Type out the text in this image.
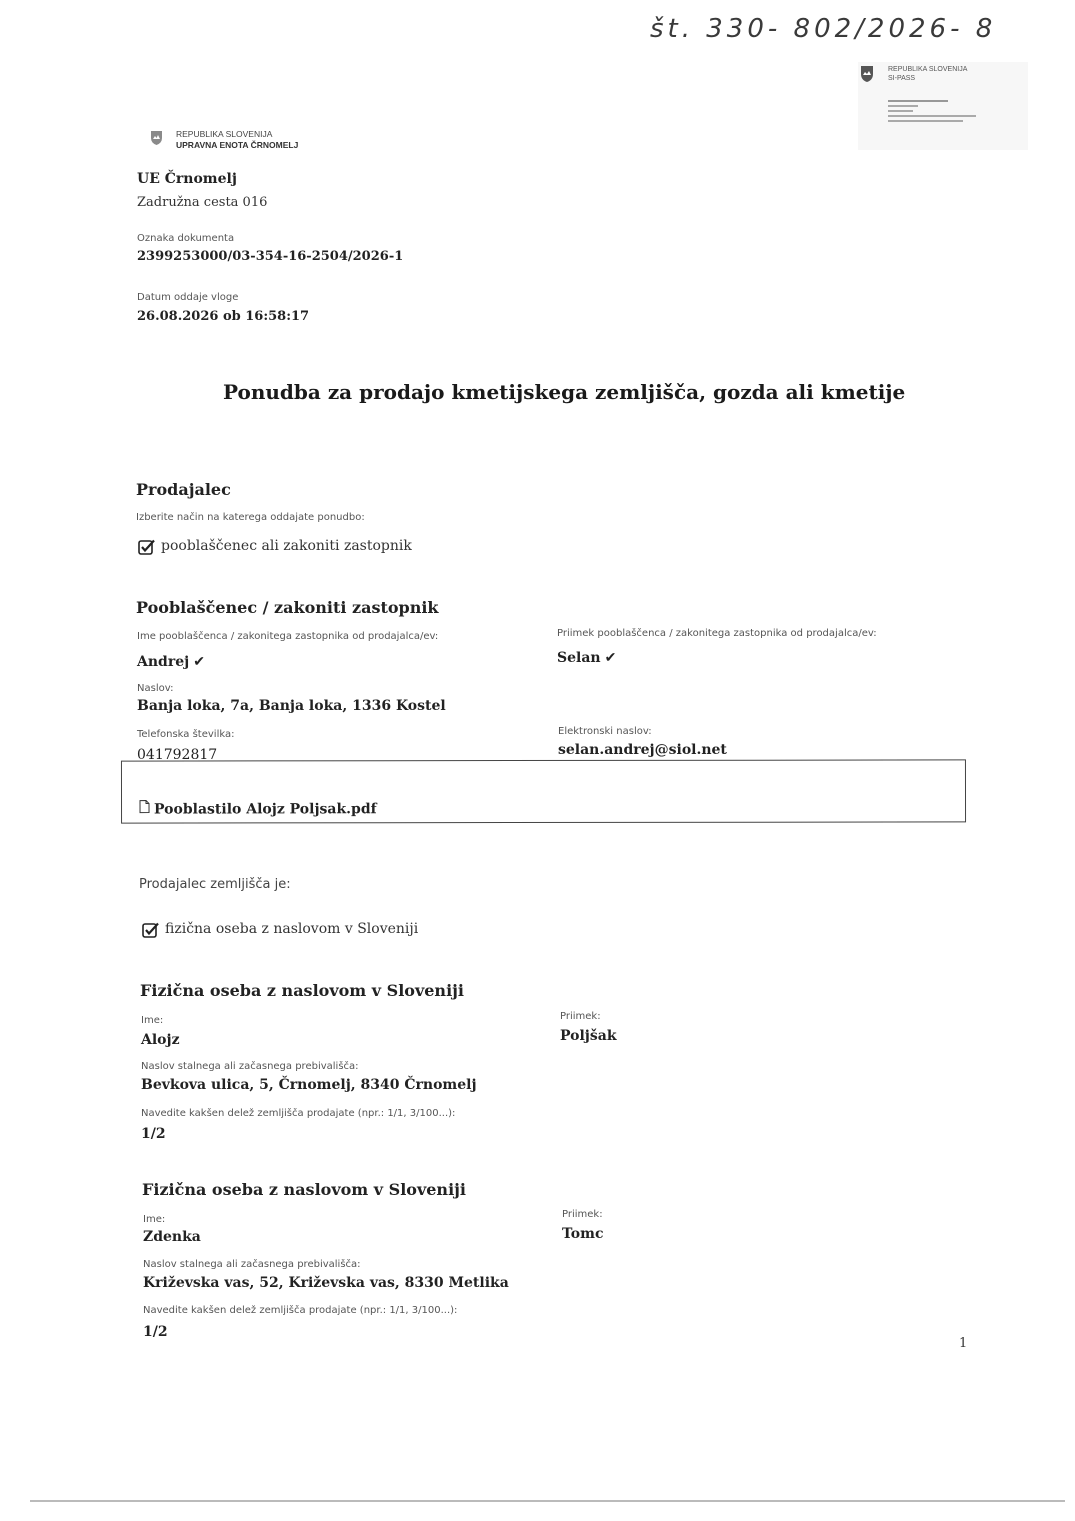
št. 330- 802/2026- 8
REPUBLIKA SLOVENIJA
SI-PASS
REPUBLIKA SLOVENIJA
UPRAVNA ENOTA ČRNOMELJ
UE Črnomelj
Zadružna cesta 016
Oznaka dokumenta
2399253000/03-354-16-2504/2026-1
Datum oddaje vloge
26.08.2026 ob 16:58:17
Ponudba za prodajo kmetijskega zemljišča, gozda ali kmetije
Prodajalec
Izberite način na katerega oddajate ponudbo:
pooblaščenec ali zakoniti zastopnik
Pooblaščenec / zakoniti zastopnik
Ime pooblaščenca / zakonitega zastopnika od prodajalca/ev:
Andrej ✔
Priimek pooblaščenca / zakonitega zastopnika od prodajalca/ev:
Selan ✔
Naslov:
Banja loka, 7a, Banja loka, 1336 Kostel
Telefonska številka:
041792817
Elektronski naslov:
selan.andrej@siol.net
Pooblastilo Alojz Poljsak.pdf
Prodajalec zemljišča je:
fizična oseba z naslovom v Sloveniji
Fizična oseba z naslovom v Sloveniji
Ime:
Alojz
Priimek:
Poljšak
Naslov stalnega ali začasnega prebivališča:
Bevkova ulica, 5, Črnomelj, 8340 Črnomelj
Navedite kakšen delež zemljišča prodajate (npr.: 1/1, 3/100...):
1/2
Fizična oseba z naslovom v Sloveniji
Ime:
Zdenka
Priimek:
Tomc
Naslov stalnega ali začasnega prebivališča:
Križevska vas, 52, Križevska vas, 8330 Metlika
Navedite kakšen delež zemljišča prodajate (npr.: 1/1, 3/100...):
1/2
1
